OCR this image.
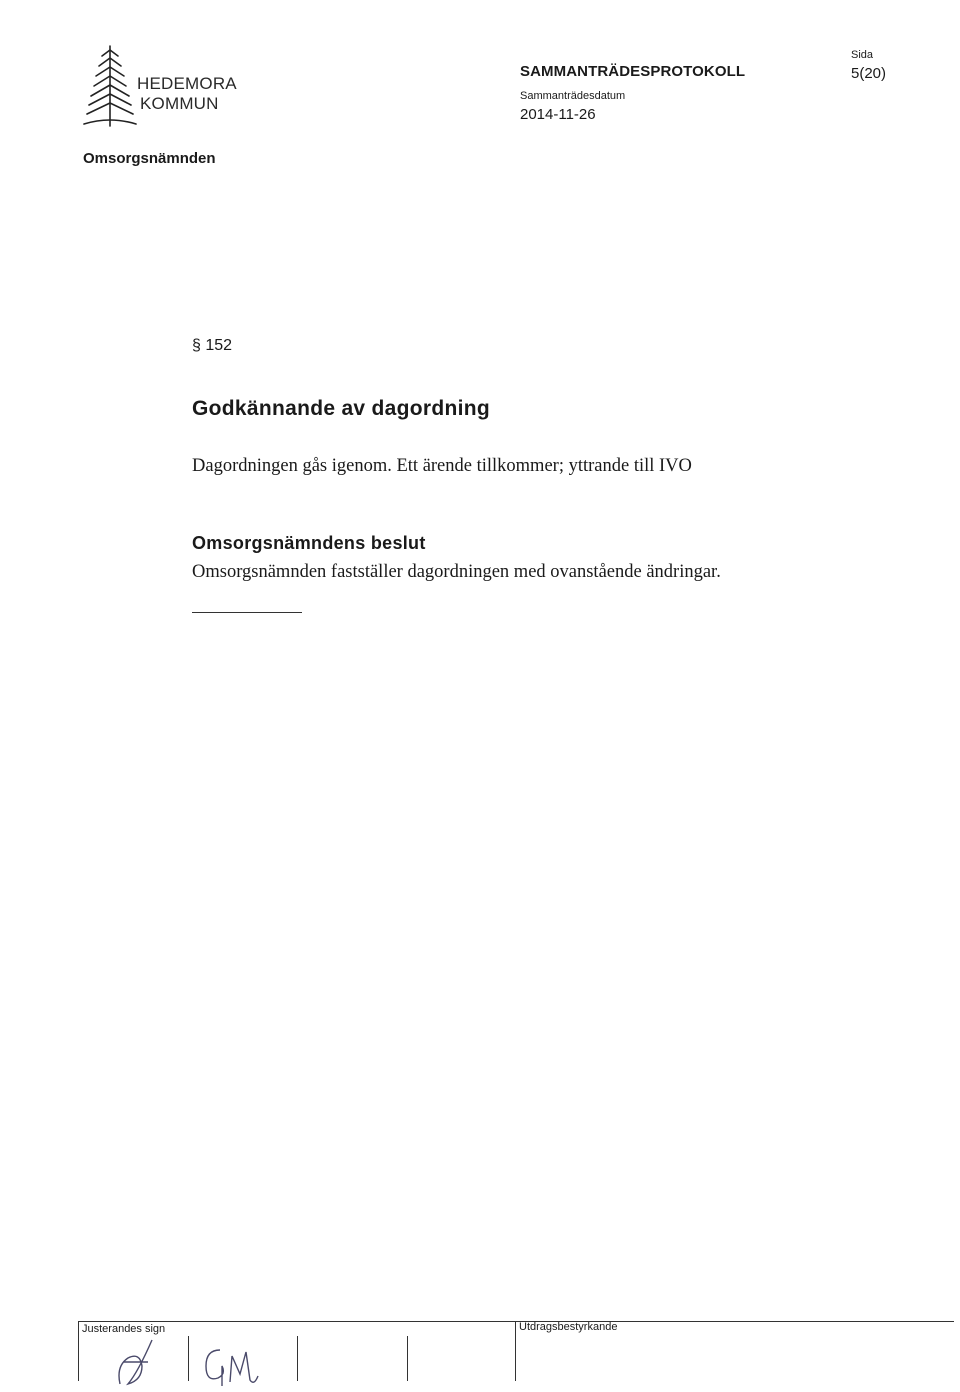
HEDEMORA
KOMMUN
SAMMANTRÄDESPROTOKOLL
Sammanträdesdatum
2014-11-26
Sida
5(20)
Omsorgsnämnden
§ 152
Godkännande av dagordning
Dagordningen gås igenom. Ett ärende tillkommer; yttrande till IVO
Omsorgsnämndens beslut
Omsorgsnämnden fastställer dagordningen med ovanstående ändringar.
Justerandes sign	Utdragsbestyrkande
